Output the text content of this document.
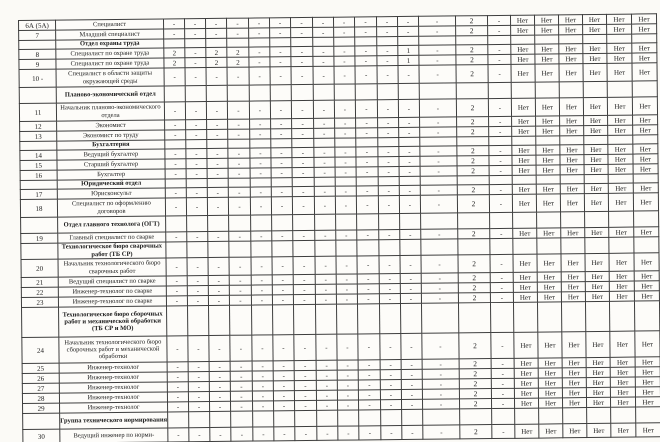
6А (5А)	Специалист	-	-	-	-	-	-	-	-	-	-	-	-	-	2	-	Нет	Нет	Нет	Нет	Нет	Нет
7	Младший специалист	-	-	-	-	-	-	-	-	-	-	-	-	-	2	-	Нет	Нет	Нет	Нет	Нет	Нет
	Отдел охраны труда																					
8	Специалист по охране труда	2	-	2	2	-	-	-	-	-	-	-	1	-	2	-	Нет	Нет	Нет	Нет	Нет	Нет
9	Специалист по охране труда	2	-	2	2	-	-	-	-	-	-	-	1	-	2	-	Нет	Нет	Нет	Нет	Нет	Нет
10 -	Специалист в области защиты окружающей среды	-	-	-	-	-	-	-	-	-	-	-	-	-	2	-	Нет	Нет	Нет	Нет	Нет	Нет
	Планово-экономический отдел																					
11	Начальник планово-экономического отдела	-	-	-	-	-	-	-	-	-	-	-	-	-	2	-	Нет	Нет	Нет	Нет	Нет	Нет
12	Экономист	-	-	-	-	-	-	-	-	-	-	-	-	-	2	-	Нет	Нет	Нет	Нет	Нет	Нет
13	Экономист по труду	-	-	-	-	-	-	-	-	-	-	-	-	-	2	-	Нет	Нет	Нет	Нет	Нет	Нет
	Бухгалтерия																					
14	Ведущий бухгалтер	-	-	-	-	-	-	-	-	-	-	-	-	-	2	-	Нет	Нет	Нет	Нет	Нет	Нет
15	Старший бухгалтер	-	-	-	-	-	-	-	-	-	-	-	-	-	2	-	Нет	Нет	Нет	Нет	Нет	Нет
16	Бухгалтер	-	-	-	-	-	-	-	-	-	-	-	-	-	2	-	Нет	Нет	Нет	Нет	Нет	Нет
	Юридический отдел																					
17	Юрисконсульт	-	-	-	-	-	-	-	-	-	-	-	-	-	2	-	Нет	Нет	Нет	Нет	Нет	Нет
18	Специалист по оформлению договоров	-	-	-	-	-	-	-	-	-	-	-	-	-	2	-	Нет	Нет	Нет	Нет	Нет	Нет
	Отдел главного технолога (ОГТ)																					
19	Главный специалист по сварке	-	-	-	-	-	-	-	-	-	-	-	-	-	2	-	Нет	Нет	Нет	Нет	Нет	Нет
	Технологическое бюро сварочных работ (ТБ СР)																					
20	Начальник технологического бюро сварочных работ	-	-	-	-	-	-	-	-	-	-	-	-	-	2	-	Нет	Нет	Нет	Нет	Нет	Нет
21	Ведущий специалист по сварке	-	-	-	-	-	-	-	-	-	-	-	-	-	2	-	Нет	Нет	Нет	Нет	Нет	Нет
22	Инженер-технолог по сварке	-	-	-	-	-	-	-	-	-	-	-	-	-	2	-	Нет	Нет	Нет	Нет	Нет	Нет
23	Инженер-технолог по сварке	-	-	-	-	-	-	-	-	-	-	-	-	-	2	-	Нет	Нет	Нет	Нет	Нет	Нет
	Технологическое бюро сборочных работ и механической обработки (ТБ СР и МО)																					
24	Начальник технологического бюро сборочных работ и механической обработки	-	-	-	-	-	-	-	-	-	-	-	-	-	2	-	Нет	Нет	Нет	Нет	Нет	Нет
25	Инженер-технолог	-	-	-	-	-	-	-	-	-	-	-	-	-	2	-	Нет	Нет	Нет	Нет	Нет	Нет
26	Инженер-технолог	-	-	-	-	-	-	-	-	-	-	-	-	-	2	-	Нет	Нет	Нет	Нет	Нет	Нет
27	Инженер-технолог	-	-	-	-	-	-	-	-	-	-	-	-	-	2	-	Нет	Нет	Нет	Нет	Нет	Нет
28	Инженер-технолог	-	-	-	-	-	-	-	-	-	-	-	-	-	2	-	Нет	Нет	Нет	Нет	Нет	Нет
29	Инженер-технолог	-	-	-	-	-	-	-	-	-	-	-	-	-	2	-	Нет	Нет	Нет	Нет	Нет	Нет
	Группа технического нормирования																					
30	Ведущий инженер по норми-	-	-	-	-	-	-	-	-	-	-	-	-	-	2	-	Нет	Нет	Нет	Нет	Нет	Нет
